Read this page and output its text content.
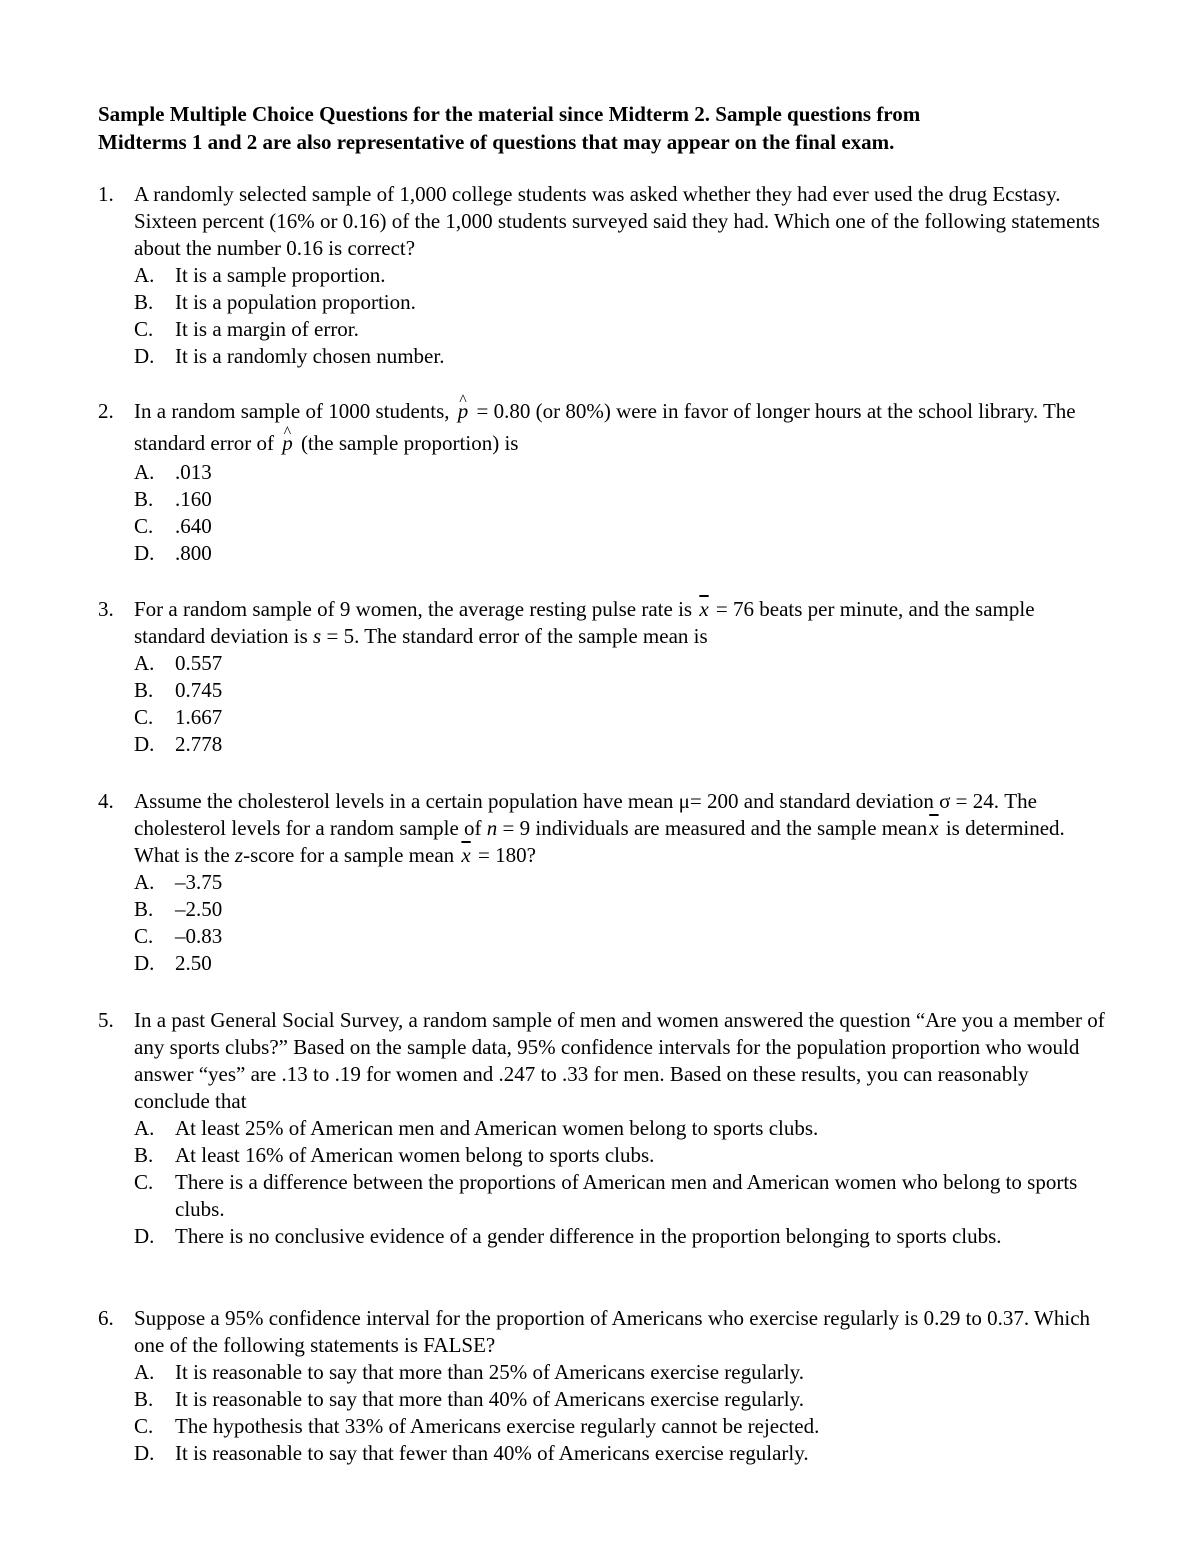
Sample Multiple Choice Questions for the material since Midterm 2. Sample questions from
Midterms 1 and 2 are also representative of questions that may appear on the final exam.
1. A randomly selected sample of 1,000 college students was asked whether they had ever used the drug Ecstasy. Sixteen percent (16% or 0.16) of the 1,000 students surveyed said they had. Which one of the following statements about the number 0.16 is correct?
A. It is a sample proportion.
B. It is a population proportion.
C. It is a margin of error.
D. It is a randomly chosen number.
2. In a random sample of 1000 students, ^ p = 0.80 (or 80%) were in favor of longer hours at the school library. The standard error of ^ p (the sample proportion) is
A. .013
B. .160
C. .640
D. .800
3. For a random sample of 9 women, the average resting pulse rate is $\overline{x} = 76$ beats per minute, and the sample standard deviation is s = 5. The standard error of the sample mean is
A. 0.557
B. 0.745
C. 1.667
D. 2.778
4. Assume the cholesterol levels in a certain population have mean μ= 200 and standard deviation σ = 24. The cholesterol levels for a random sample of n = 9 individuals are measured and the sample $mean\overline{x}$ is determined. What is the z-score for a sample mean $\overline{x} = 180$?
A. –3.75
B. –2.50
C. –0.83
D. 2.50
5. In a past General Social Survey, a random sample of men and women answered the question “Are you a member of any sports clubs?” Based on the sample data, 95% confidence intervals for the population proportion who would answer “yes” are .13 to .19 for women and .247 to .33 for men. Based on these results, you can reasonably conclude that
A. At least 25% of American men and American women belong to sports clubs.
B. At least 16% of American women belong to sports clubs.
C. There is a difference between the proportions of American men and American women who belong to sports clubs.
D. There is no conclusive evidence of a gender difference in the proportion belonging to sports clubs.
6. Suppose a 95% confidence interval for the proportion of Americans who exercise regularly is 0.29 to 0.37. Which one of the following statements is FALSE?
A. It is reasonable to say that more than 25% of Americans exercise regularly.
B. It is reasonable to say that more than 40% of Americans exercise regularly.
C. The hypothesis that 33% of Americans exercise regularly cannot be rejected.
D. It is reasonable to say that fewer than 40% of Americans exercise regularly.
